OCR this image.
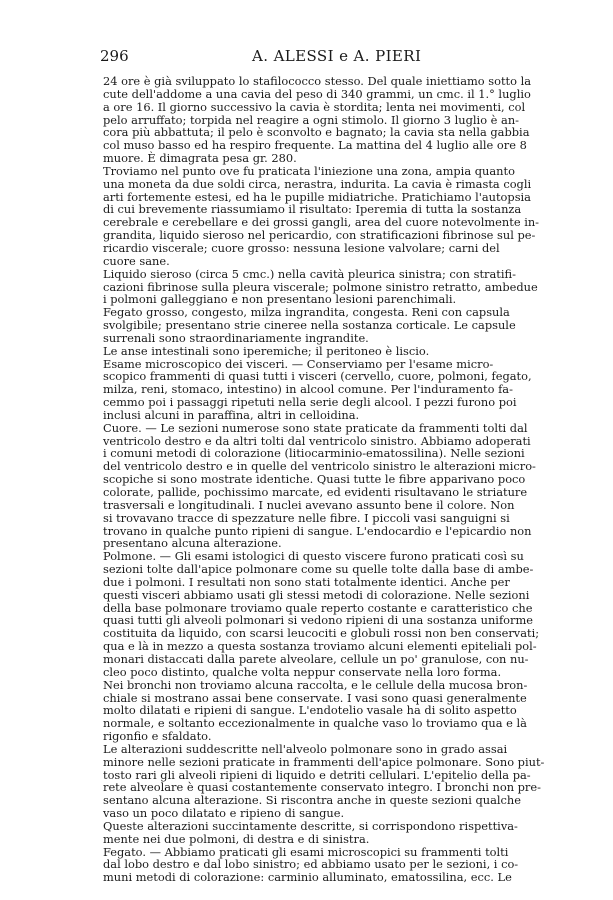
296	A. ALESSI e A. PIERI
24 ore è già sviluppato lo stafilococco stesso. Del quale iniettiamo sotto la
cute dell'addome a una cavia del peso di 340 grammi, un cmc. il 1.° luglio
a ore 16. Il giorno successivo la cavia è stordita; lenta nei movimenti, col
pelo arruffato; torpida nel reagire a ogni stimolo. Il giorno 3 luglio è an-
cora più abbattuta; il pelo è sconvolto e bagnato; la cavia sta nella gabbia
col muso basso ed ha respiro frequente. La mattina del 4 luglio alle ore 8
muore. È dimagrata pesa gr. 280.
Troviamo nel punto ove fu praticata l'iniezione una zona, ampia quanto
una moneta da due soldi circa, nerastra, indurita. La cavia è rimasta cogli
arti fortemente estesi, ed ha le pupille midiatriche. Pratichiamo l'autopsia
di cui brevemente riassumiamo il risultato: Iperemia di tutta la sostanza
cerebrale e cerebellare e dei grossi gangli, area del cuore notevolmente in-
grandita, liquido sieroso nel pericardio, con stratificazioni fibrinose sul pe-
ricardio viscerale; cuore grosso: nessuna lesione valvolare; carni del
cuore sane.
Liquido sieroso (circa 5 cmc.) nella cavità pleurica sinistra; con stratifi-
cazioni fibrinose sulla pleura viscerale; polmone sinistro retratto, ambedue
i polmoni galleggiano e non presentano lesioni parenchimali.
Fegato grosso, congesto, milza ingrandita, congesta. Reni con capsula
svolgibile; presentano strie cineree nella sostanza corticale. Le capsule
surrenali sono straordinariamente ingrandite.
Le anse intestinali sono iperemiche; il peritoneo è liscio.
Esame microscopico dei visceri. — Conserviamo per l'esame micro-
scopico frammenti di quasi tutti i visceri (cervello, cuore, polmoni, fegato,
milza, reni, stomaco, intestino) in alcool comune. Per l'induramento fa-
cemmo poi i passaggi ripetuti nella serie degli alcool. I pezzi furono poi
inclusi alcuni in paraffina, altri in celloidina.
Cuore. — Le sezioni numerose sono state praticate da frammenti tolti dal
ventricolo destro e da altri tolti dal ventricolo sinistro. Abbiamo adoperati
i comuni metodi di colorazione (litiocarminio-ematossilina). Nelle sezioni
del ventricolo destro e in quelle del ventricolo sinistro le alterazioni micro-
scopiche si sono mostrate identiche. Quasi tutte le fibre apparivano poco
colorate, pallide, pochissimo marcate, ed evidenti risultavano le striature
trasversali e longitudinali. I nuclei avevano assunto bene il colore. Non
si trovavano tracce di spezzature nelle fibre. I piccoli vasi sanguigni si
trovano in qualche punto ripieni di sangue. L'endocardio e l'epicardio non
presentano alcuna alterazione.
Polmone. — Gli esami istologici di questo viscere furono praticati così su
sezioni tolte dall'apice polmonare come su quelle tolte dalla base di ambe-
due i polmoni. I resultati non sono stati totalmente identici. Anche per
questi visceri abbiamo usati gli stessi metodi di colorazione. Nelle sezioni
della base polmonare troviamo quale reperto costante e caratteristico che
quasi tutti gli alveoli polmonari si vedono ripieni di una sostanza uniforme
costituita da liquido, con scarsi leucociti e globuli rossi non ben conservati;
qua e là in mezzo a questa sostanza troviamo alcuni elementi epiteliali pol-
monari distaccati dalla parete alveolare, cellule un po' granulose, con nu-
cleo poco distinto, qualche volta neppur conservate nella loro forma.
Nei bronchi non troviamo alcuna raccolta, e le cellule della mucosa bron-
chiale si mostrano assai bene conservate. I vasi sono quasi generalmente
molto dilatati e ripieni di sangue. L'endotelio vasale ha di solito aspetto
normale, e soltanto eccezionalmente in qualche vaso lo troviamo qua e là
rigonfio e sfaldato.
Le alterazioni suddescritte nell'alveolo polmonare sono in grado assai
minore nelle sezioni praticate in frammenti dell'apice polmonare. Sono piut-
tosto rari gli alveoli ripieni di liquido e detriti cellulari. L'epitelio della pa-
rete alveolare è quasi costantemente conservato integro. I bronchi non pre-
sentano alcuna alterazione. Si riscontra anche in queste sezioni qualche
vaso un poco dilatato e ripieno di sangue.
Queste alterazioni succintamente descritte, si corrispondono rispettiva-
mente nei due polmoni, di destra e di sinistra.
Fegato. — Abbiamo praticati gli esami microscopici su frammenti tolti
dal lobo destro e dal lobo sinistro; ed abbiamo usato per le sezioni, i co-
muni metodi di colorazione: carminio alluminato, ematossilina, ecc. Le
